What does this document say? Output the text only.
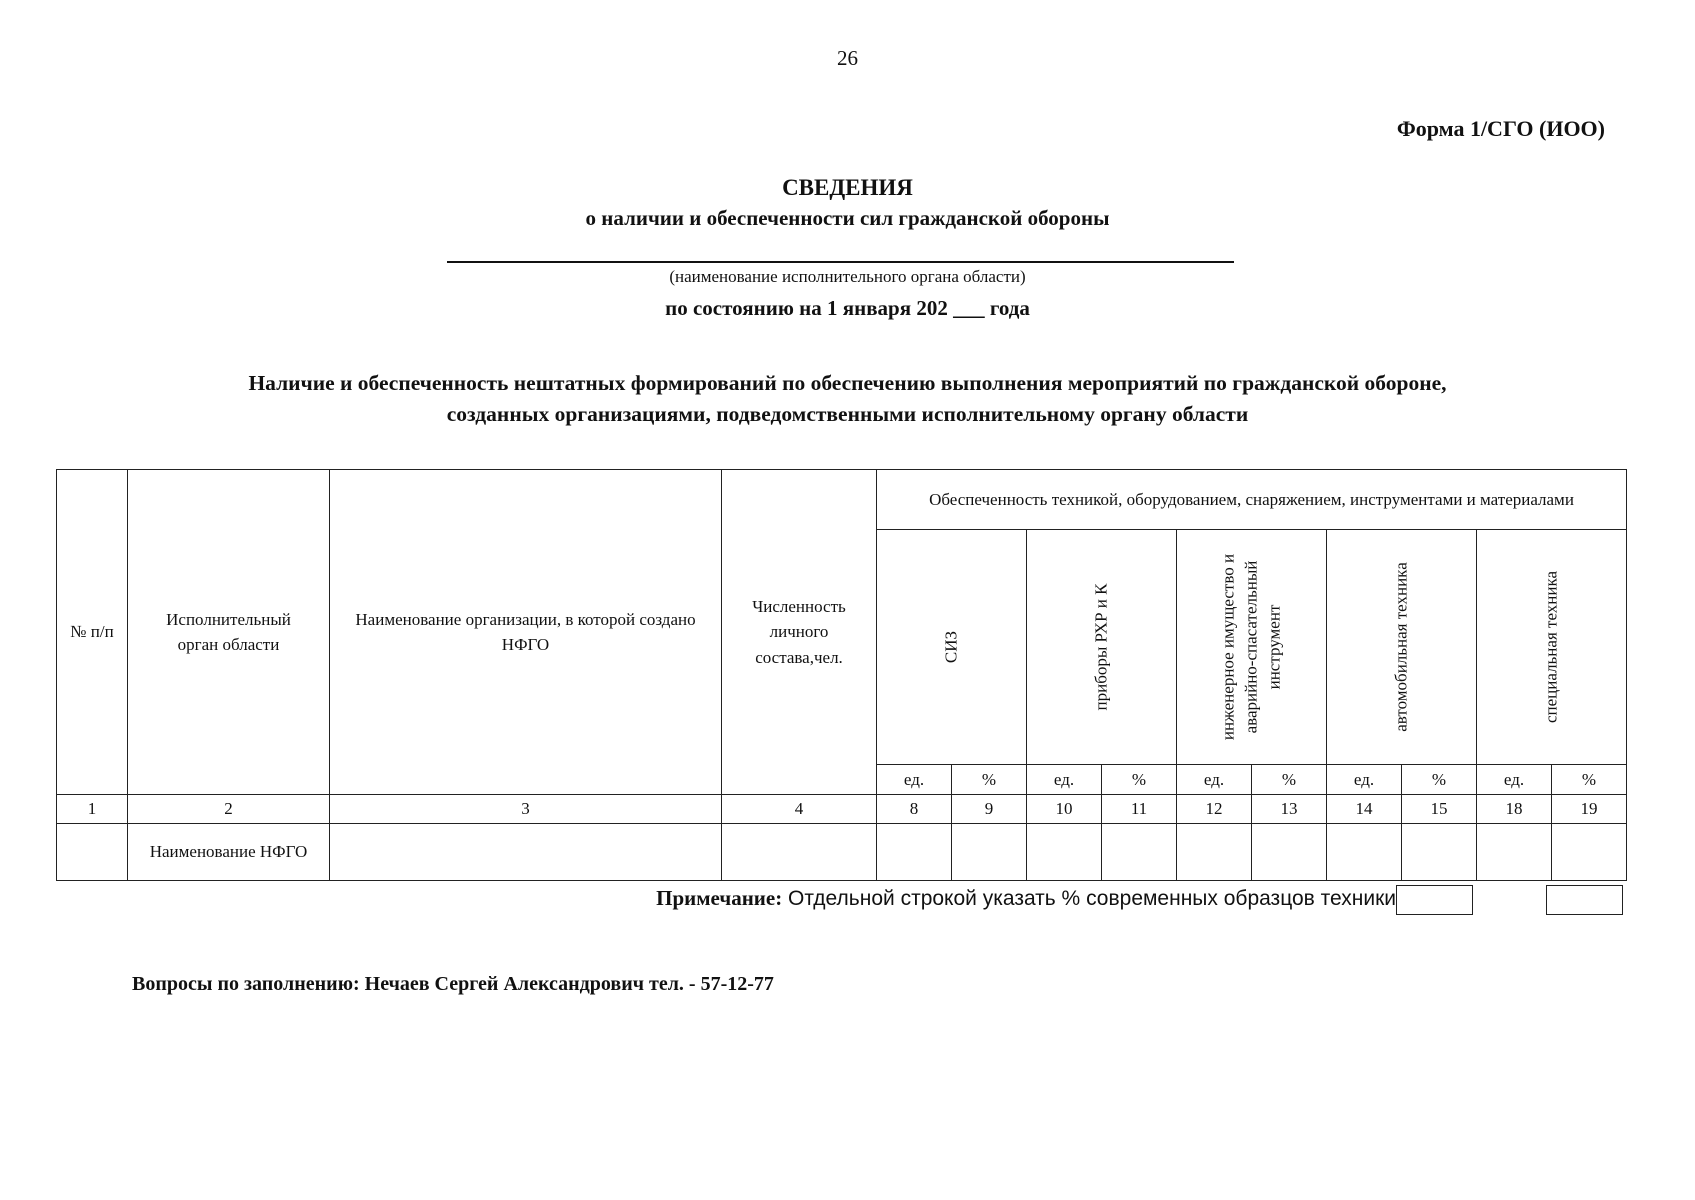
26
Форма 1/СГО (ИОО)
СВЕДЕНИЯ
о наличии и обеспеченности сил гражданской обороны
(наименование исполнительного органа области)
по состоянию на 1 января 202 ___ года
Наличие и обеспеченность нештатных формирований по обеспечению выполнения мероприятий по гражданской обороне,
созданных организациями, подведомственными исполнительному органу области
№ п/п	Исполнительный орган области	Наименование организации, в которой создано НФГО	Численность личного состава,чел.	Обеспеченность техникой, оборудованием, снаряжением, инструментами и материалами									

				СИЗ		приборы РХР и К		инженерное имущество и аварийно-спасательный инструмент		автомобильная техника		специальная техника	

				ед.	%	ед.	%	ед.	%	ед.	%	ед.	%
1	2	3	4	8	9	10	11	12	13	14	15	18	19
	Наименование НФГО												
Примечание: Отдельной строкой указать % современных образцов техники
Вопросы по заполнению: Нечаев Сергей Александрович тел. - 57-12-77
